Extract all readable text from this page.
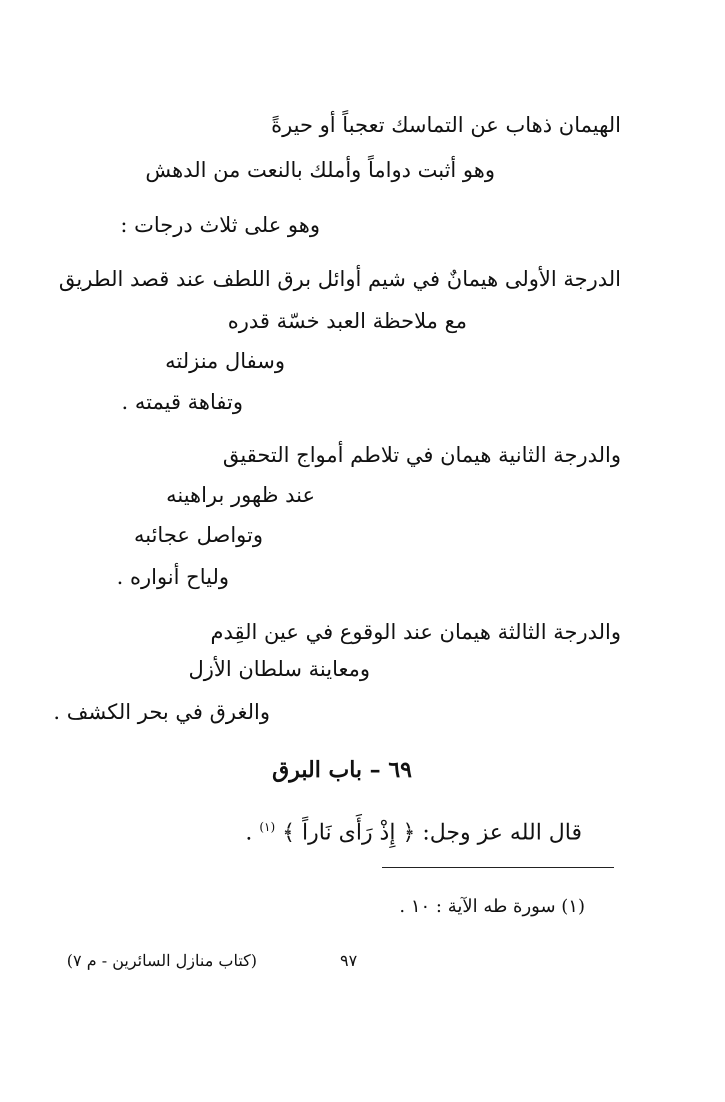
الهيمان ذهاب عن التماسك تعجباً أو حيرةً
وهو أثبت دواماً وأملك بالنعت من الدهش
وهو على ثلاث درجات :
الدرجة الأولى هيمانٌ في شيم أوائل برق اللطف عند قصد الطريق
مع ملاحظة العبد خسّة قدره
وسفال منزلته
وتفاهة قيمته .
والدرجة الثانية هيمان في تلاطم أمواج التحقيق
عند ظهور براهينه
وتواصل عجائبه
ولياح أنواره .
والدرجة الثالثة هيمان عند الوقوع في عين القِدم
ومعاينة سلطان الأزل
والغرق في بحر الكشف .
٦٩ – باب البرق
قال الله عز وجل: ﴿ إِذْ رَأَى نَاراً ﴾ $^{(١)}$ .
(١) سورة طه الآية : ١٠ .
٩٧
(كتاب منازل السائرين - م ٧)
